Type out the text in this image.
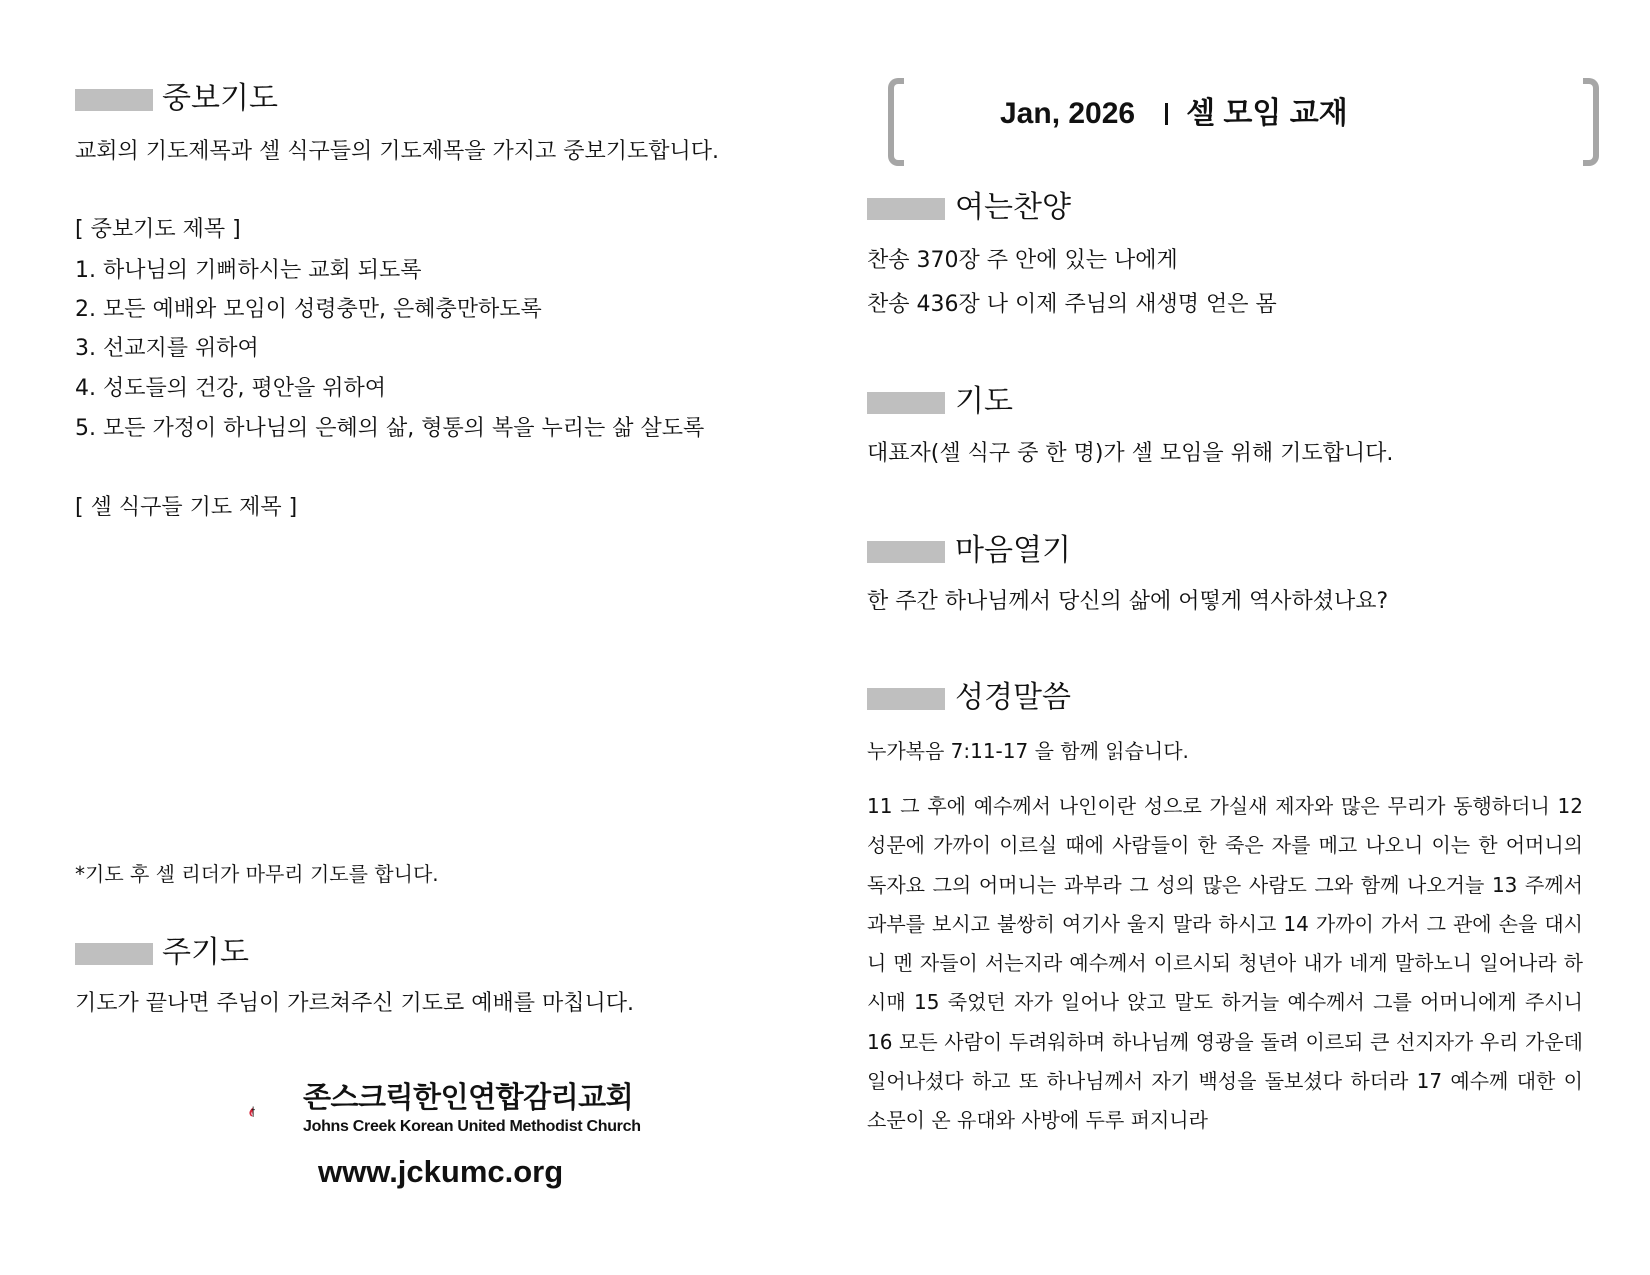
중보기도
교회의 기도제목과 셀 식구들의 기도제목을 가지고 중보기도합니다.
[ 중보기도 제목 ]
1. 하나님의 기뻐하시는 교회 되도록
2. 모든 예배와 모임이 성령충만, 은혜충만하도록
3. 선교지를 위하여
4. 성도들의 건강, 평안을 위하여
5. 모든 가정이 하나님의 은혜의 삶, 형통의 복을 누리는 삶 살도록
[ 셀 식구들 기도 제목 ]
*기도 후 셀 리더가 마무리 기도를 합니다.
주기도
기도가 끝나면 주님이 가르쳐주신 기도로 예배를 마칩니다.
존스크릭한인연합감리교회
Johns Creek Korean United Methodist Church
www.jckumc.org
Jan, 2026 셀 모임 교재
여는찬양
찬송 370장 주 안에 있는 나에게
찬송 436장 나 이제 주님의 새생명 얻은 몸
기도
대표자(셀 식구 중 한 명)가 셀 모임을 위해 기도합니다.
마음열기
한 주간 하나님께서 당신의 삶에 어떻게 역사하셨나요?
성경말씀
누가복음 7:11-17 을 함께 읽습니다.
11 그 후에 예수께서 나인이란 성으로 가실새 제자와 많은 무리가 동행하더니 12 성문에 가까이 이르실 때에 사람들이 한 죽은 자를 메고 나오니 이는 한 어머니의 독자요 그의 어머니는 과부라 그 성의 많은 사람도 그와 함께 나오거늘 13 주께서 과부를 보시고 불쌍히 여기사 울지 말라 하시고 14 가까이 가서 그 관에 손을 대시니 멘 자들이 서는지라 예수께서 이르시되 청년아 내가 네게 말하노니 일어나라 하시매 15 죽었던 자가 일어나 앉고 말도 하거늘 예수께서 그를 어머니에게 주시니 16 모든 사람이 두려워하며 하나님께 영광을 돌려 이르되 큰 선지자가 우리 가운데 일어나셨다 하고 또 하나님께서 자기 백성을 돌보셨다 하더라 17 예수께 대한 이 소문이 온 유대와 사방에 두루 퍼지니라
